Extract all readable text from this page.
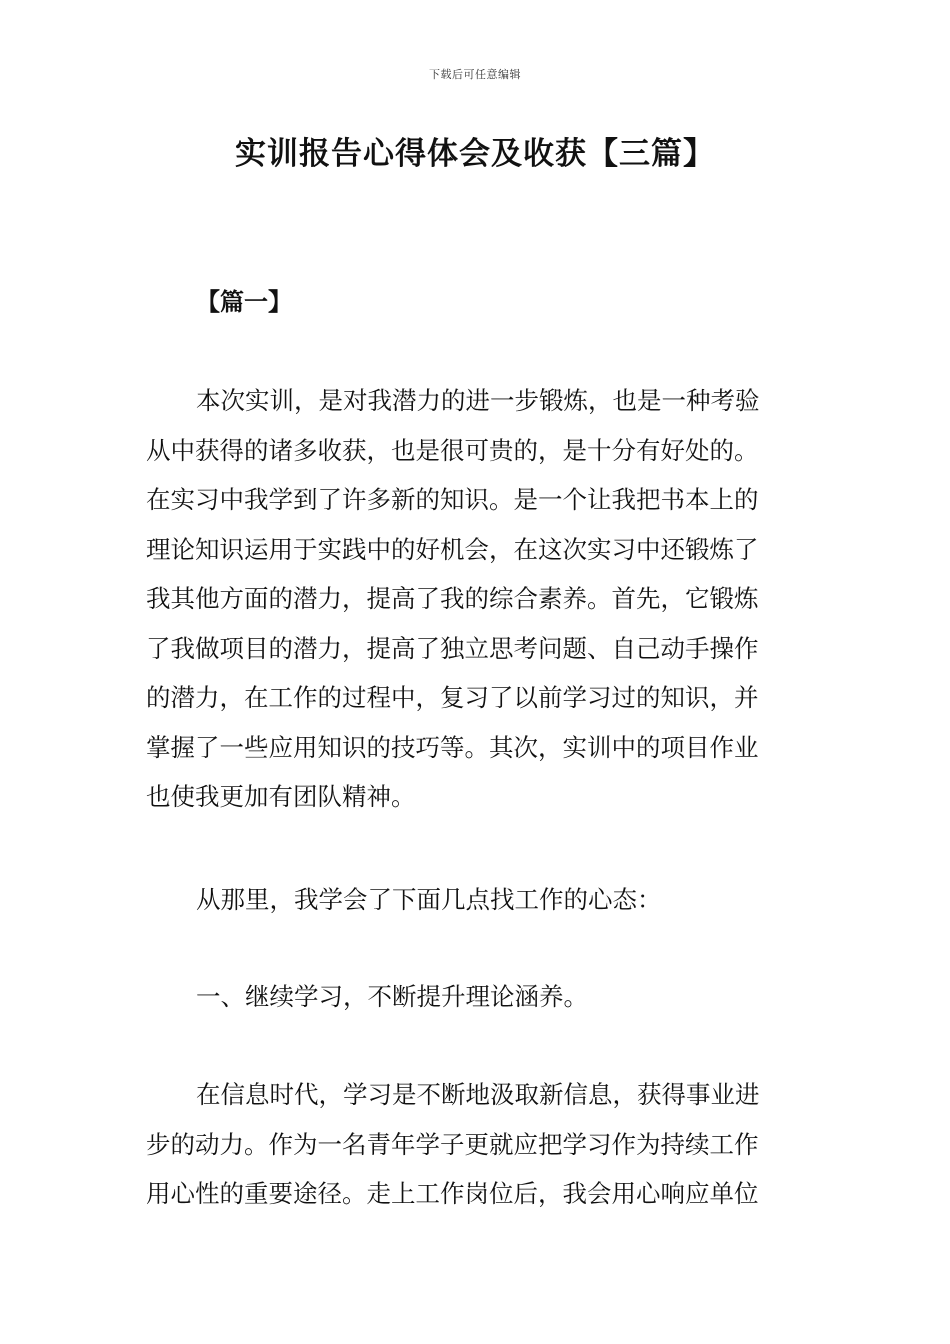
下载后可任意编辑
实训报告心得体会及收获【三篇】
【篇一】
本次实训，是对我潜力的进一步锻炼，也是一种考验
从中获得的诸多收获，也是很可贵的，是十分有好处的。
在实习中我学到了许多新的知识。是一个让我把书本上的
理论知识运用于实践中的好机会，在这次实习中还锻炼了
我其他方面的潜力，提高了我的综合素养。首先，它锻炼
了我做项目的潜力，提高了独立思考问题、自己动手操作
的潜力，在工作的过程中，复习了以前学习过的知识，并
掌握了一些应用知识的技巧等。其次，实训中的项目作业
也使我更加有团队精神。
从那里，我学会了下面几点找工作的心态：
一、继续学习，不断提升理论涵养。
在信息时代，学习是不断地汲取新信息，获得事业进
步的动力。作为一名青年学子更就应把学习作为持续工作
用心性的重要途径。走上工作岗位后，我会用心响应单位
